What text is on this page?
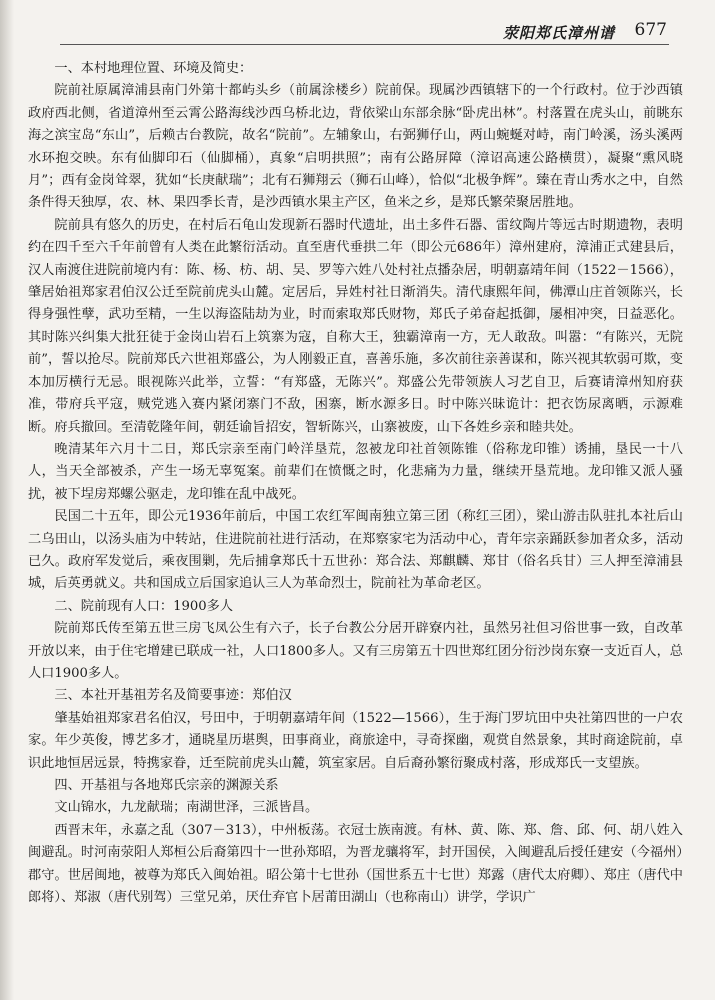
荥阳郑氏漳州谱 677

一、本村地理位置、环境及简史：

院前社原属漳浦县南门外第十都屿头乡（前属涂楼乡）院前保。现属沙西镇辖下的一个行政村。位于沙西镇政府西北侧，省道漳州至云霄公路海线沙西乌桥北边，背依梁山东部余脉“卧虎出林”。村落置在虎头山，前眺东海之滨宝岛“东山”，后赖古台教院，故名“院前”。左辅象山，右弼狮仔山，两山蜿蜒对峙，南门岭溪，汤头溪两水环抱交映。东有仙脚印石（仙脚桶），真象“启明拱照”；南有公路屏障（漳诏高速公路横贯），凝聚“熏风晓月”；西有金岗耸翠，犹如“长庚献瑞”；北有石狮翔云（狮石山峰），恰似“北极争辉”。臻在青山秀水之中，自然条件得天独厚，农、林、果四季长青，是沙西镇水果主产区，鱼米之乡，是郑氏繁荣聚居胜地。

院前具有悠久的历史，在村后石龟山发现新石器时代遗址，出土多件石器、雷纹陶片等远古时期遗物，表明约在四千至六千年前曾有人类在此繁衍活动。直至唐代垂拱二年（即公元686年）漳州建府，漳浦正式建县后，汉人南渡住进院前境内有：陈、杨、枋、胡、吴、罗等六姓八处村社点播杂居，明朝嘉靖年间（1522－1566），肇居始祖郑家君伯汉公迁至院前虎头山麓。定居后，异姓村社日渐消失。清代康熙年间，佛潭山庄首领陈兴，长得身强性孽，武功至精，一生以海盗陆劫为业，时而索取郑氏财物，郑氏子弟奋起抵御，屡相冲突，日益恶化。其时陈兴纠集大批狂徒于金岗山岩石上筑寨为寇，自称大王，独霸漳南一方，无人敢敌。叫嚣：“有陈兴，无院前”，誓以抢尽。院前郑氏六世祖郑盛公，为人刚毅正直，喜善乐施，多次前往亲善谋和，陈兴视其软弱可欺，变本加厉横行无忌。眼视陈兴此举，立誓：“有郑盛，无陈兴”。郑盛公先带领族人习艺自卫，后赛请漳州知府获准，带府兵平寇，贼党逃入赛内紧闭寨门不敌，困寨，断水源多日。时中陈兴昧诡计：把衣饬尿离晒，示源难断。府兵撤回。至清乾隆年间，朝廷谕旨招安，智斩陈兴，山寨被废，山下各姓乡亲和睦共处。

晚清某年六月十二日，郑氏宗亲至南门岭洋垦荒，忽被龙印社首领陈锥（俗称龙印锥）诱捕，垦民一十八人，当天全部被杀，产生一场无辜冤案。前辈们在愤慨之时，化悲痛为力量，继续开垦荒地。龙印锥又派人骚扰，被下埕房郑螺公驱走，龙印锥在乱中战死。

民国二十五年，即公元1936年前后，中国工农红军闽南独立第三团（称红三团），梁山游击队驻扎本社后山二乌田山，以汤头庙为中转站，住进院前社进行活动，在郑察家宅为活动中心，青年宗亲踊跃参加者众多，活动已久。政府军发觉后，乘夜围剿，先后捕拿郑氏十五世孙：郑合法、郑麒麟、郑甘（俗名兵甘）三人押至漳浦县城，后英勇就义。共和国成立后国家追认三人为革命烈士，院前社为革命老区。

二、院前现有人口：1900多人

院前郑氏传至第五世三房飞凤公生有六子，长子台教公分居开辟寮内社，虽然另社但习俗世事一致，自改革开放以来，由于住宅增建已联成一社，人口1800多人。又有三房第五十四世郑红团分衍沙岗东寮一支近百人，总人口1900多人。

三、本社开基祖芳名及简要事迹：郑伯汉

肇基始祖郑家君名伯汉，号田中，于明朝嘉靖年间（1522—1566），生于海门罗坑田中央社第四世的一户农家。年少英俊，博艺多才，通晓星历堪舆，田事商业，商旅途中，寻奇探幽，观赏自然景象，其时商途院前，卓识此地恒居远景，特携家眷，迁至院前虎头山麓，筑室家居。自后裔孙繁衍聚成村落，形成郑氏一支望族。

四、开基祖与各地郑氏宗亲的渊源关系

文山锦水，九龙献瑞；南湖世泽，三派皆昌。

西晋末年，永嘉之乱（307－313），中州板荡。衣冠士族南渡。有林、黄、陈、郑、詹、邱、何、胡八姓入闽避乱。时河南荥阳人郑桓公后裔第四十一世孙郑昭，为晋龙骧将军，封开国侯，入闽避乱后授任建安（今福州）郡守。世居闽地，被尊为郑氏入闽始祖。昭公第十七世孙（国世系五十七世）郑露（唐代太府卿）、郑庄（唐代中郎将）、郑淑（唐代别驾）三堂兄弟，厌仕弃官卜居莆田湖山（也称南山）讲学，学识广
